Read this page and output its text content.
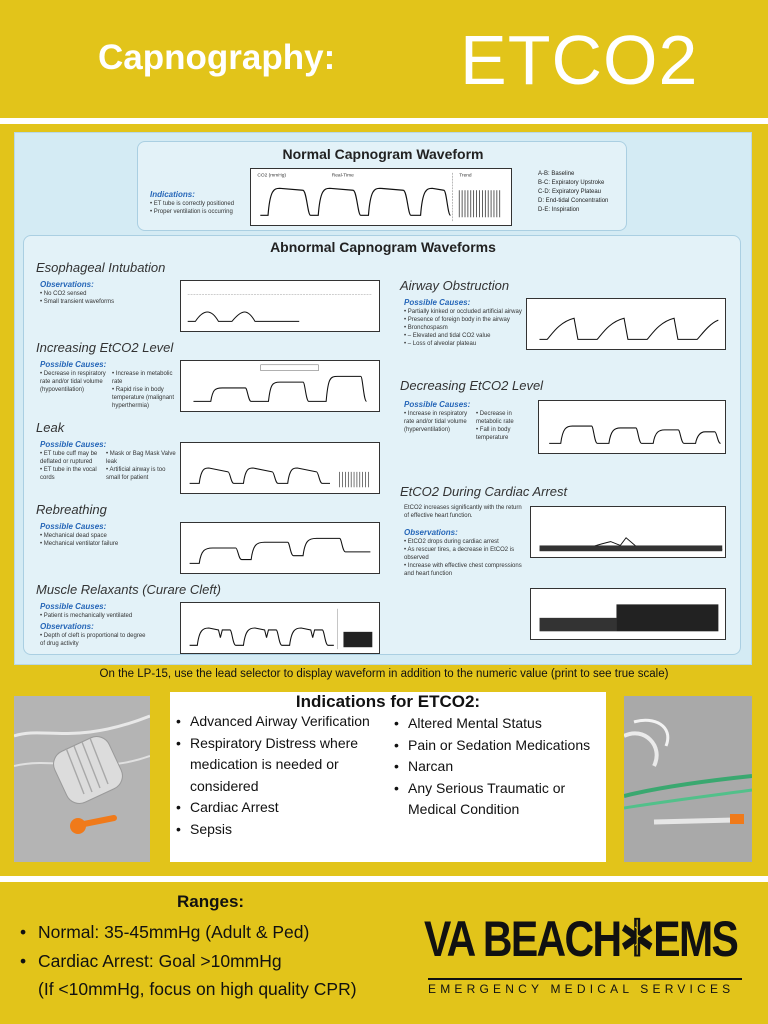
Capnography: ETCO2
Normal Capnogram Waveform
Indications:
• ET tube is correctly positioned
• Proper ventilation is occurring
CO2 (mmHg)	Real-Time	Trend	A-B: Baseline
B-C: Expiratory Upstroke
C-D: Expiratory Plateau
D: End-tidal Concentration
D-E: Inspiration
Abnormal Capnogram Waveforms
Esophageal Intubation
Observations:
• No CO2 sensed
• Small transient waveforms
Increasing EtCO2 Level
Possible Causes:
• Decrease in respiratory rate and/or tidal volume (hypoventilation)
• Increase in metabolic rate
• Rapid rise in body temperature (malignant hyperthermia)
Leak
Possible Causes:
• ET tube cuff may be deflated or ruptured
• ET tube in the vocal cords
• Mask or Bag Mask Valve leak
• Artificial airway is too small for patient
Rebreathing
Possible Causes:
• Mechanical dead space
• Mechanical ventilator failure
Muscle Relaxants (Curare Cleft)
Possible Causes:
• Patient is mechanically ventilated
Observations:
• Depth of cleft is proportional to degree of drug activity
Airway Obstruction
Possible Causes:
• Partially kinked or occluded artificial airway
• Presence of foreign body in the airway
• Bronchospasm
• – Elevated and tidal CO2 value
• – Loss of alveolar plateau
Decreasing EtCO2 Level
Possible Causes:
• Increase in respiratory rate and/or tidal volume (hyperventilation)
• Decrease in metabolic rate
• Fall in body temperature
EtCO2 During Cardiac Arrest
EtCO2 increases significantly with the return of effective heart function.
Observations:
• EtCO2 drops during cardiac arrest
• As rescuer tires, a decrease in EtCO2 is observed
• Increase with effective chest compressions and heart function
On the LP-15, use the lead selector to display waveform in addition to the numeric value (print to see true scale)
Indications for ETCO2:
• Advanced Airway Verification
• Respiratory Distress where medication is needed or considered
• Cardiac Arrest
• Sepsis
• Altered Mental Status
• Pain or Sedation Medications
• Narcan
• Any Serious Traumatic or Medical Condition
Ranges:
• Normal: 35-45mmHg (Adult & Ped)
• Cardiac Arrest: Goal >10mmHg
(If <10mmHg, focus on high quality CPR)
VA BEACH EMS
EMERGENCY MEDICAL SERVICES
